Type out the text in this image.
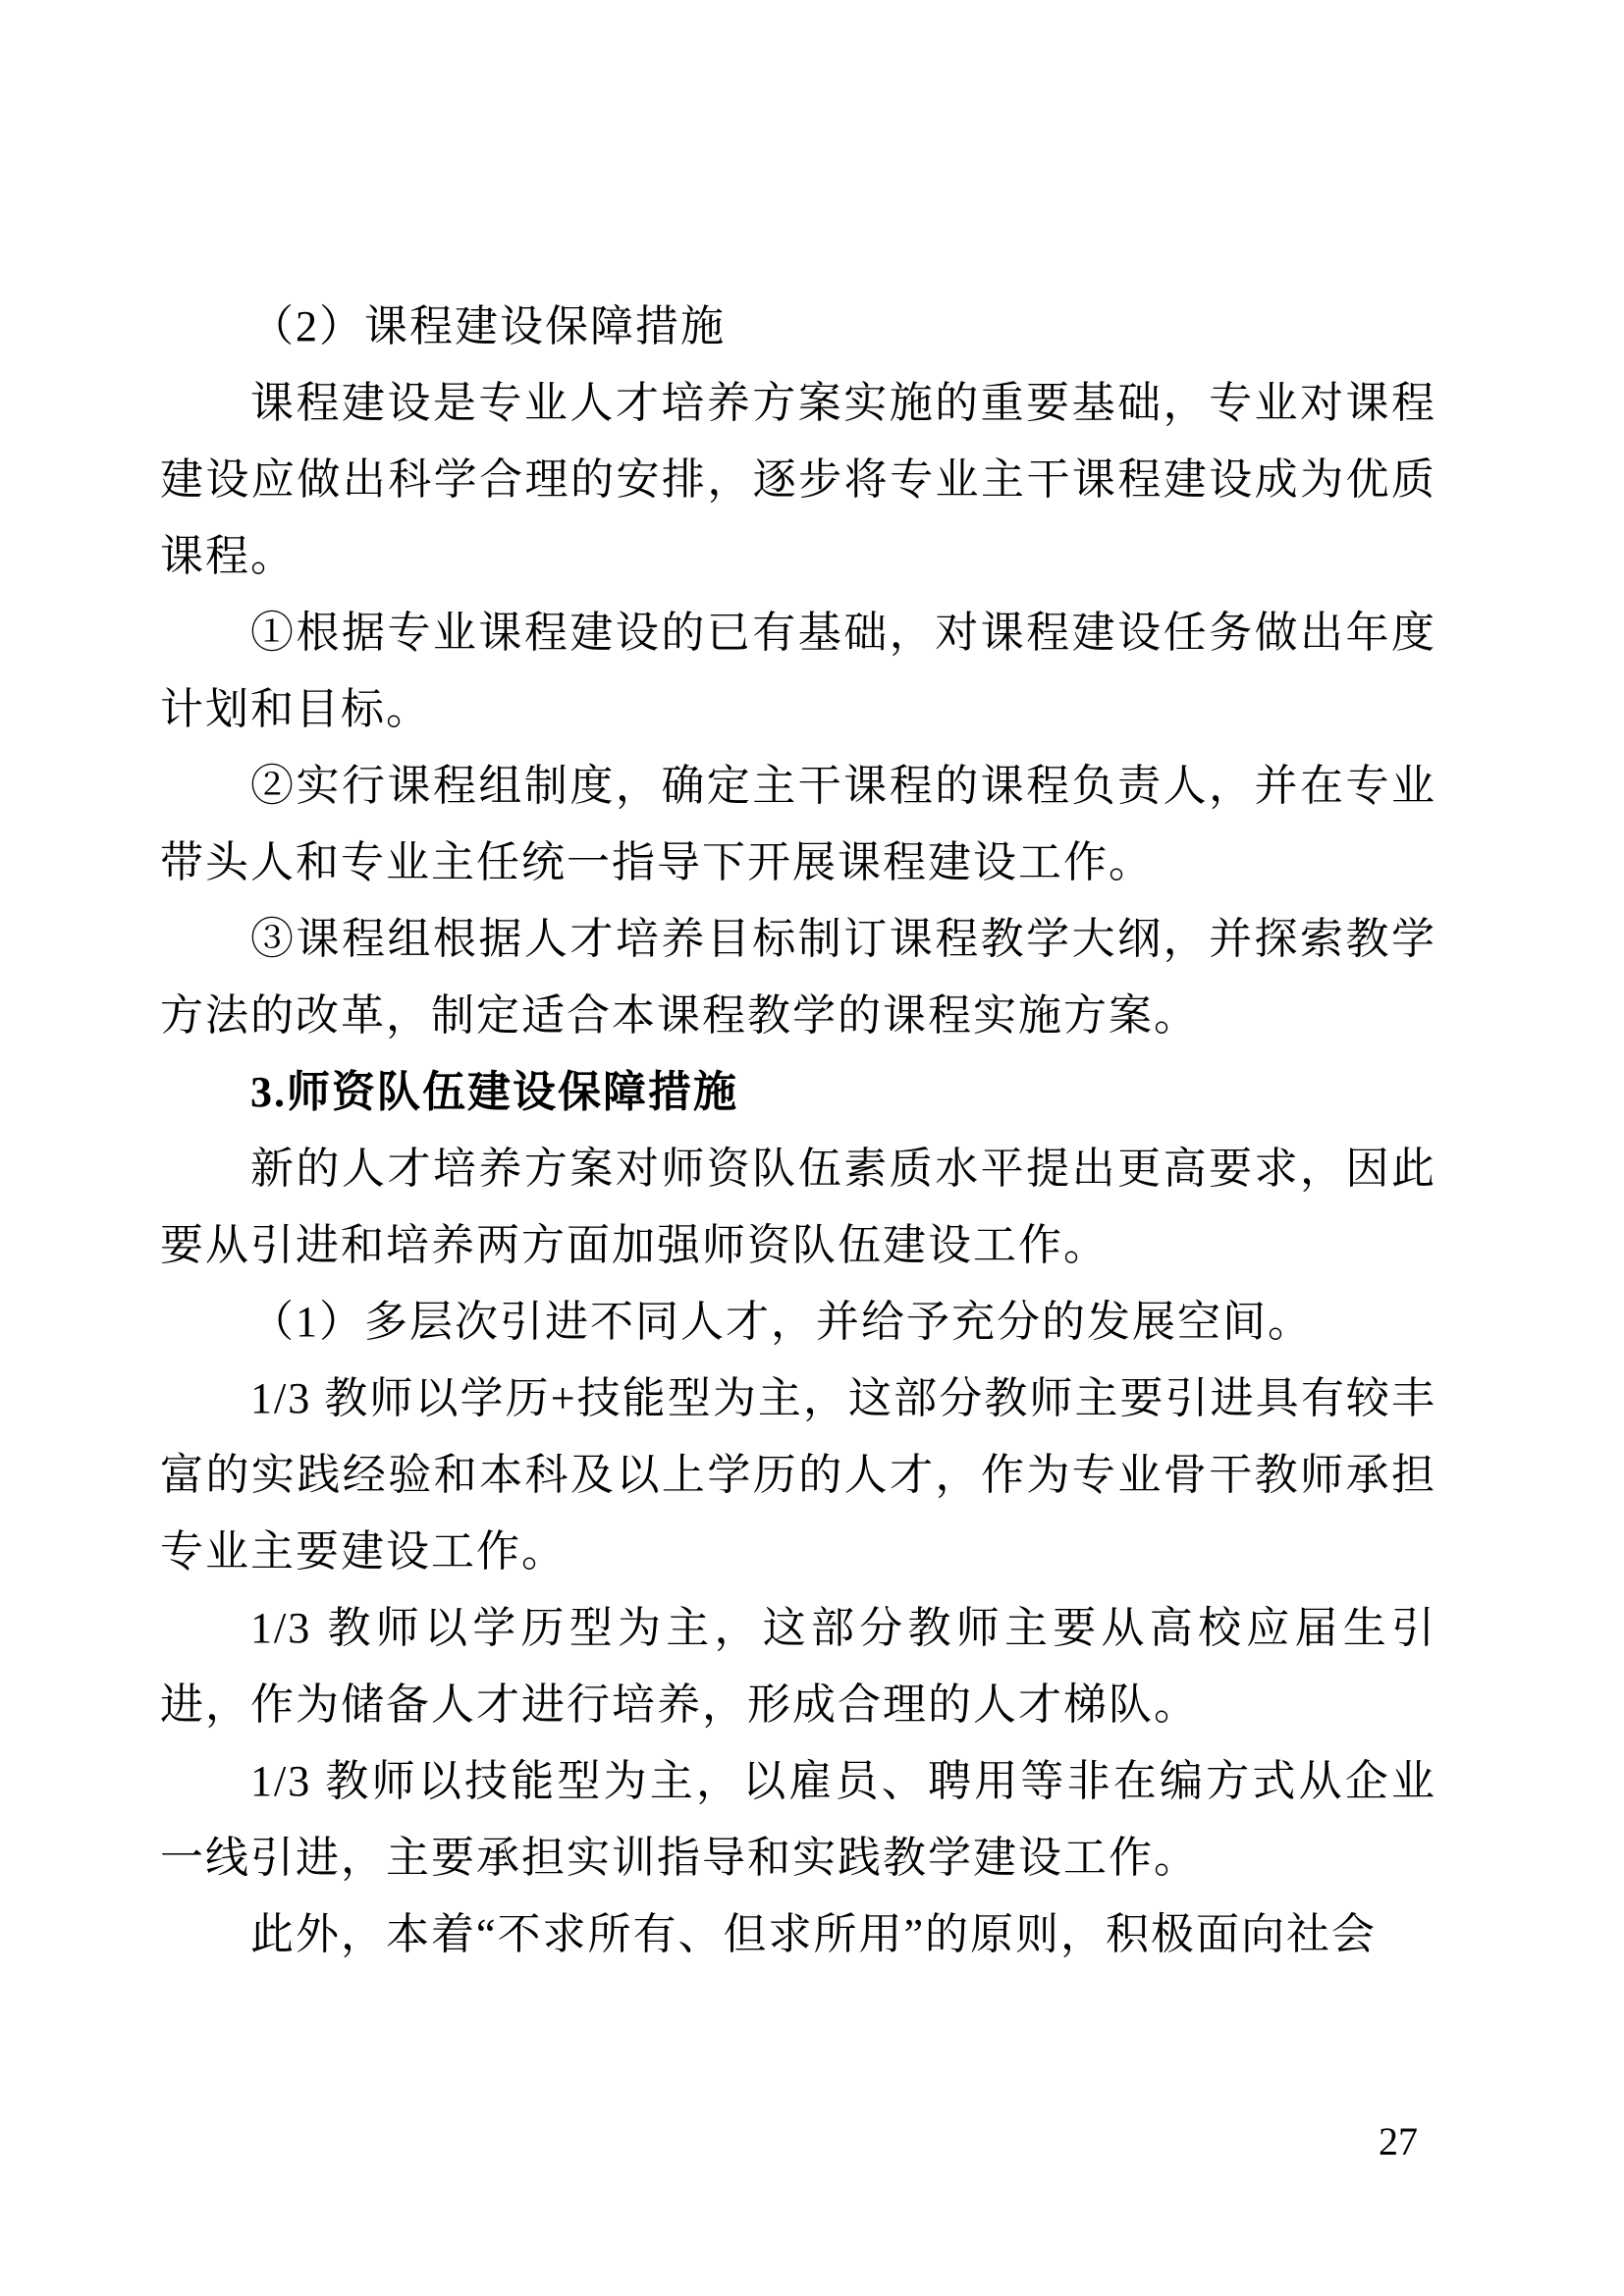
（2）课程建设保障措施

课程建设是专业人才培养方案实施的重要基础，专业对课程建设应做出科学合理的安排，逐步将专业主干课程建设成为优质课程。

①根据专业课程建设的已有基础，对课程建设任务做出年度计划和目标。

②实行课程组制度，确定主干课程的课程负责人，并在专业带头人和专业主任统一指导下开展课程建设工作。

③课程组根据人才培养目标制订课程教学大纲，并探索教学方法的改革，制定适合本课程教学的课程实施方案。

3.师资队伍建设保障措施

新的人才培养方案对师资队伍素质水平提出更高要求，因此要从引进和培养两方面加强师资队伍建设工作。

（1）多层次引进不同人才，并给予充分的发展空间。

1/3 教师以学历+技能型为主，这部分教师主要引进具有较丰富的实践经验和本科及以上学历的人才，作为专业骨干教师承担专业主要建设工作。

1/3 教师以学历型为主，这部分教师主要从高校应届生引进，作为储备人才进行培养，形成合理的人才梯队。

1/3 教师以技能型为主，以雇员、聘用等非在编方式从企业一线引进，主要承担实训指导和实践教学建设工作。

此外，本着“不求所有、但求所用”的原则，积极面向社会

27
